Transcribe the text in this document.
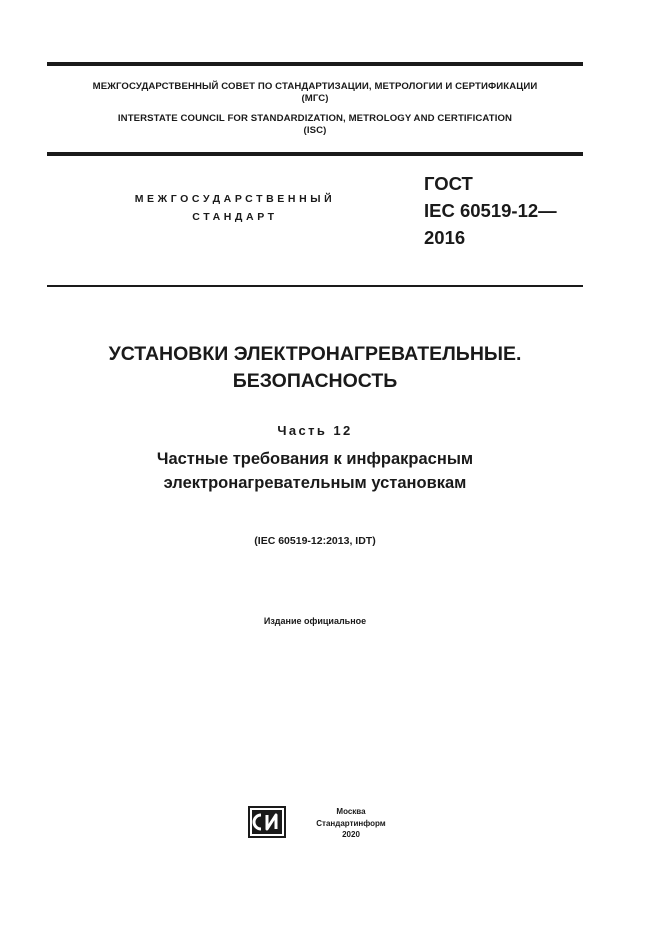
МЕЖГОСУДАРСТВЕННЫЙ СОВЕТ ПО СТАНДАРТИЗАЦИИ, МЕТРОЛОГИИ И СЕРТИФИКАЦИИ
(МГС)
INTERSTATE COUNCIL FOR STANDARDIZATION, METROLOGY AND CERTIFICATION
(ISC)
МЕЖГОСУДАРСТВЕННЫЙ
СТАНДАРТ
ГОСТ
IEC 60519-12—
2016
УСТАНОВКИ ЭЛЕКТРОНАГРЕВАТЕЛЬНЫЕ.
БЕЗОПАСНОСТЬ
Часть 12
Частные требования к инфракрасным
электронагревательным установкам
(IEC 60519-12:2013, IDT)
Издание официальное
Москва
Стандартинформ
2020
